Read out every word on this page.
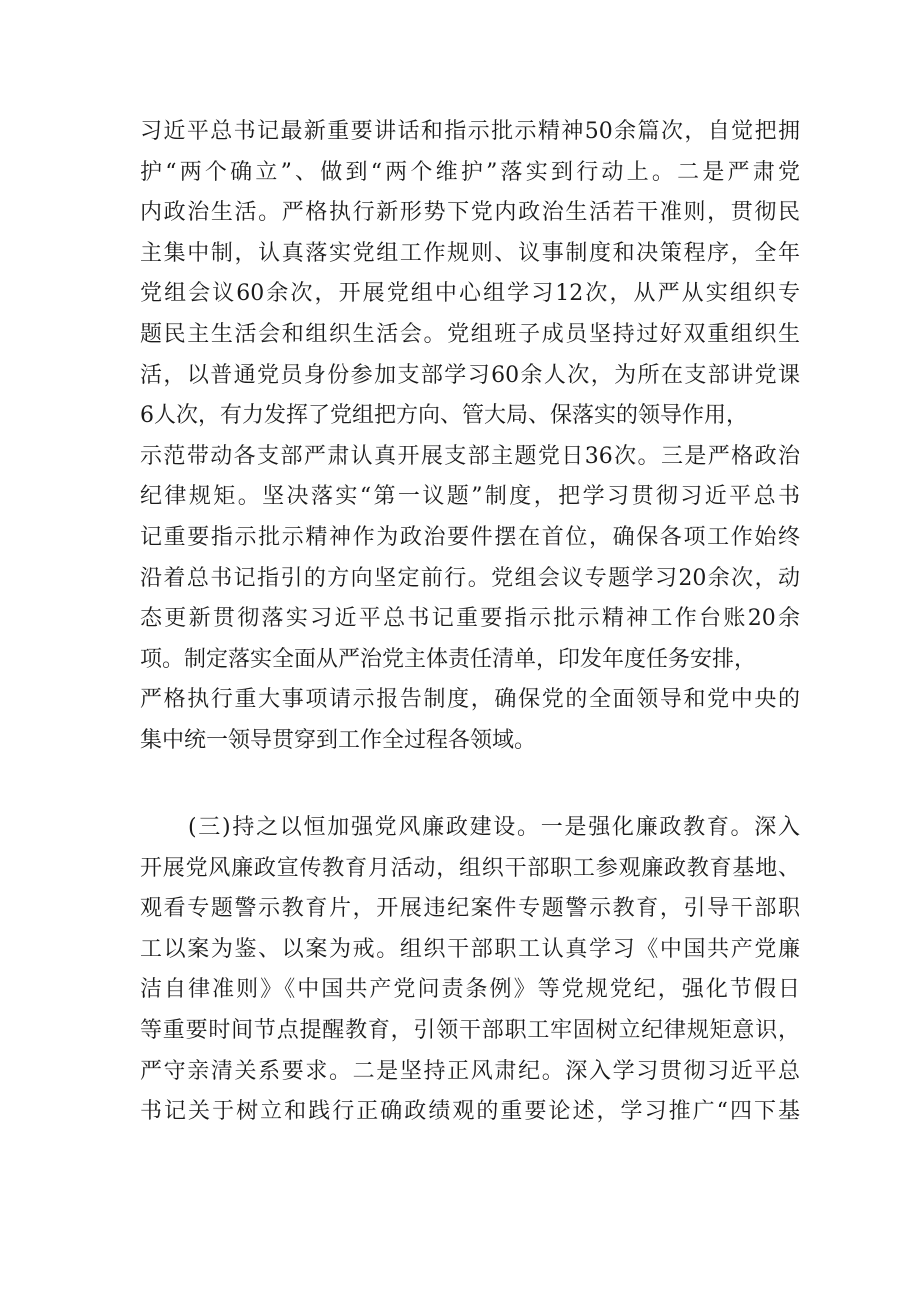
习近平总书记最新重要讲话和指示批示精神50余篇次，自觉把拥
护“两个确立”、做到“两个维护”落实到行动上。二是严肃党
内政治生活。严格执行新形势下党内政治生活若干准则，贯彻民
主集中制，认真落实党组工作规则、议事制度和决策程序，全年
党组会议60余次，开展党组中心组学习12次，从严从实组织专
题民主生活会和组织生活会。党组班子成员坚持过好双重组织生
活，以普通党员身份参加支部学习60余人次，为所在支部讲党课
6人次，有力发挥了党组把方向、管大局、保落实的领导作用，
示范带动各支部严肃认真开展支部主题党日36次。三是严格政治
纪律规矩。坚决落实“第一议题”制度，把学习贯彻习近平总书
记重要指示批示精神作为政治要件摆在首位，确保各项工作始终
沿着总书记指引的方向坚定前行。党组会议专题学习20余次，动
态更新贯彻落实习近平总书记重要指示批示精神工作台账20余
项。制定落实全面从严治党主体责任清单，印发年度任务安排，
严格执行重大事项请示报告制度，确保党的全面领导和党中央的
集中统一领导贯穿到工作全过程各领域。
(三)持之以恒加强党风廉政建设。一是强化廉政教育。深入
开展党风廉政宣传教育月活动，组织干部职工参观廉政教育基地、
观看专题警示教育片，开展违纪案件专题警示教育，引导干部职
工以案为鉴、以案为戒。组织干部职工认真学习《中国共产党廉
洁自律准则》《中国共产党问责条例》等党规党纪，强化节假日
等重要时间节点提醒教育，引领干部职工牢固树立纪律规矩意识，
严守亲清关系要求。二是坚持正风肃纪。深入学习贯彻习近平总
书记关于树立和践行正确政绩观的重要论述，学习推广“四下基
